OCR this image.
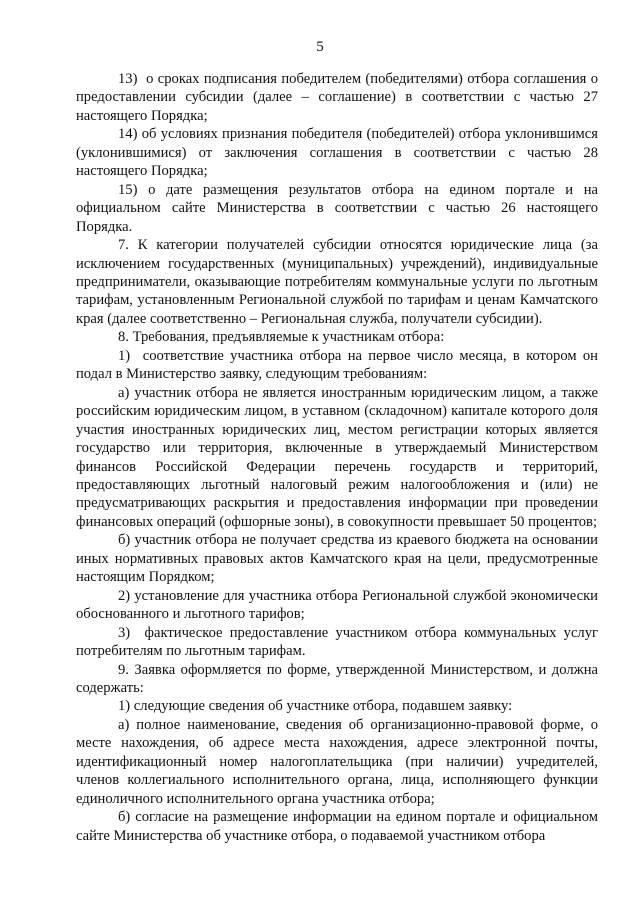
5

13)  о сроках подписания победителем (победителями) отбора соглашения о предоставлении субсидии (далее – соглашение) в соответствии с частью 27 настоящего Порядка;

14) об условиях признания победителя (победителей) отбора уклонившимся (уклонившимися) от заключения соглашения в соответствии с частью 28 настоящего Порядка;

15) о дате размещения результатов отбора на едином портале и на официальном сайте Министерства в соответствии с частью 26 настоящего Порядка.

7. К категории получателей субсидии относятся юридические лица (за исключением государственных (муниципальных) учреждений), индивидуальные предприниматели, оказывающие потребителям коммунальные услуги по льготным тарифам, установленным Региональной службой по тарифам и ценам Камчатского края (далее соответственно – Региональная служба, получатели субсидии).

8. Требования, предъявляемые к участникам отбора:

1)  соответствие участника отбора на первое число месяца, в котором он подал в Министерство заявку, следующим требованиям:

а) участник отбора не является иностранным юридическим лицом, а также российским юридическим лицом, в уставном (складочном) капитале которого доля участия иностранных юридических лиц, местом регистрации которых является государство или территория, включенные в утверждаемый Министерством финансов Российской Федерации перечень государств и территорий, предоставляющих льготный налоговый режим налогообложения и (или) не предусматривающих раскрытия и предоставления информации при проведении финансовых операций (офшорные зоны), в совокупности превышает 50 процентов;

б) участник отбора не получает средства из краевого бюджета на основании иных нормативных правовых актов Камчатского края на цели, предусмотренные настоящим Порядком;

2) установление для участника отбора Региональной службой экономически обоснованного и льготного тарифов;

3)  фактическое предоставление участником отбора коммунальных услуг потребителям по льготным тарифам.

9. Заявка оформляется по форме, утвержденной Министерством, и должна содержать:

1) следующие сведения об участнике отбора, подавшем заявку:

а) полное наименование, сведения об организационно-правовой форме, о месте нахождения, об адресе места нахождения, адресе электронной почты, идентификационный номер налогоплательщика (при наличии) учредителей, членов коллегиального исполнительного органа, лица, исполняющего функции единоличного исполнительного органа участника отбора;

б) согласие на размещение информации на едином портале и официальном сайте Министерства об участнике отбора, о подаваемой участником отбора
